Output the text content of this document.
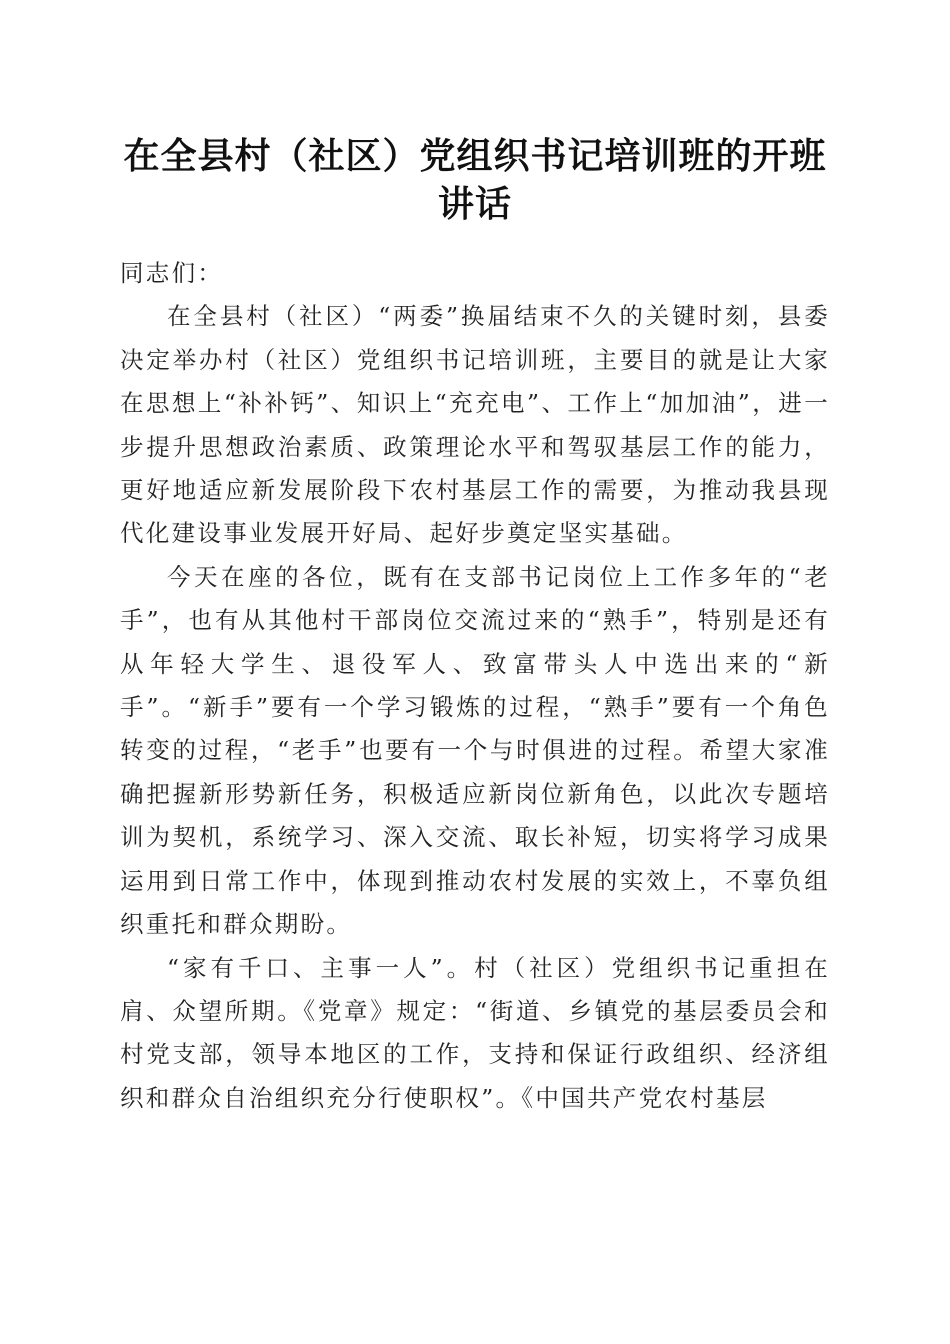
在全县村（社区）党组织书记培训班的开班讲话

同志们：

在全县村（社区）“两委”换届结束不久的关键时刻，县委决定举办村（社区）党组织书记培训班，主要目的就是让大家在思想上“补补钙”、知识上“充充电”、工作上“加加油”，进一步提升思想政治素质、政策理论水平和驾驭基层工作的能力，更好地适应新发展阶段下农村基层工作的需要，为推动我县现代化建设事业发展开好局、起好步奠定坚实基础。

今天在座的各位，既有在支部书记岗位上工作多年的“老手”，也有从其他村干部岗位交流过来的“熟手”，特别是还有从年轻大学生、退役军人、致富带头人中选出来的“新手”。“新手”要有一个学习锻炼的过程，“熟手”要有一个角色转变的过程，“老手”也要有一个与时俱进的过程。希望大家准确把握新形势新任务，积极适应新岗位新角色，以此次专题培训为契机，系统学习、深入交流、取长补短，切实将学习成果运用到日常工作中，体现到推动农村发展的实效上，不辜负组织重托和群众期盼。

“家有千口、主事一人”。村（社区）党组织书记重担在肩、众望所期。《党章》规定：“街道、乡镇党的基层委员会和村党支部，领导本地区的工作，支持和保证行政组织、经济组织和群众自治组织充分行使职权”。《中国共产党农村基层
